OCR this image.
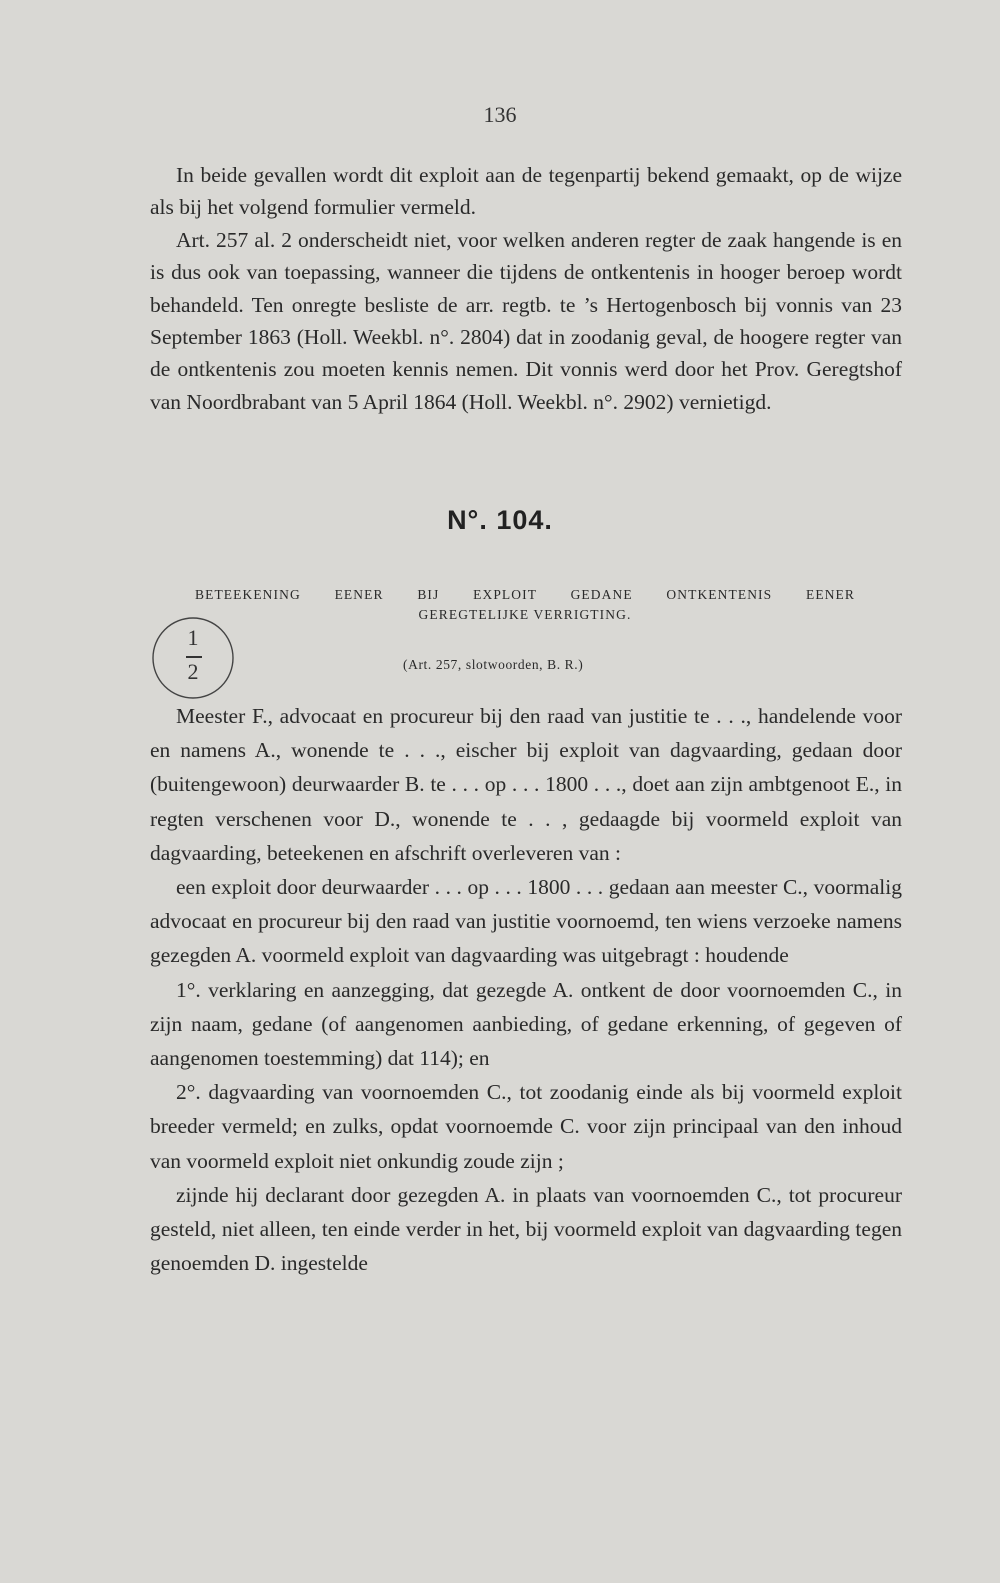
136

In beide gevallen wordt dit exploit aan de tegenpartij bekend gemaakt, op de wijze als bij het volgend formulier vermeld.

Art. 257 al. 2 onderscheidt niet, voor welken anderen regter de zaak hangende is en is dus ook van toepassing, wanneer die tijdens de ontkentenis in hooger beroep wordt behandeld. Ten onregte besliste de arr. regtb. te ’s Hertogenbosch bij vonnis van 23 September 1863 (Holl. Weekbl. n°. 2804) dat in zoodanig geval, de hoogere regter van de ontkentenis zou moeten kennis nemen. Dit vonnis werd door het Prov. Geregtshof van Noordbrabant van 5 April 1864 (Holl. Weekbl. n°. 2902) vernietigd.

N°. 104.
BETEEKENING EENER BIJ EXPLOIT GEDANE ONTKENTENIS EENER
GEREGTELIJKE VERRIGTING.
1
2	(Art. 257, slotwoorden, B. R.)

Meester F., advocaat en procureur bij den raad van justitie te . . ., handelende voor en namens A., wonende te . . ., eischer bij exploit van dagvaarding, gedaan door (buitengewoon) deurwaarder B. te . . . op . . . 1800 . . ., doet aan zijn ambtgenoot E., in regten verschenen voor D., wonende te . . , gedaagde bij voormeld exploit van dagvaarding, beteekenen en afschrift overleveren van :

een exploit door deurwaarder . . . op . . . 1800 . . . gedaan aan meester C., voormalig advocaat en procureur bij den raad van justitie voornoemd, ten wiens verzoeke namens gezegden A. voormeld exploit van dagvaarding was uitgebragt : houdende

1°. verklaring en aanzegging, dat gezegde A. ontkent de door voornoemden C., in zijn naam, gedane (of aangenomen aanbieding, of gedane erkenning, of gegeven of aangenomen toestemming) dat 114); en

2°. dagvaarding van voornoemden C., tot zoodanig einde als bij voormeld exploit breeder vermeld; en zulks, opdat voornoemde C. voor zijn principaal van den inhoud van voormeld exploit niet onkundig zoude zijn ;

zijnde hij declarant door gezegden A. in plaats van voornoemden C., tot procureur gesteld, niet alleen, ten einde verder in het, bij voormeld exploit van dagvaarding tegen genoemden D. ingestelde
